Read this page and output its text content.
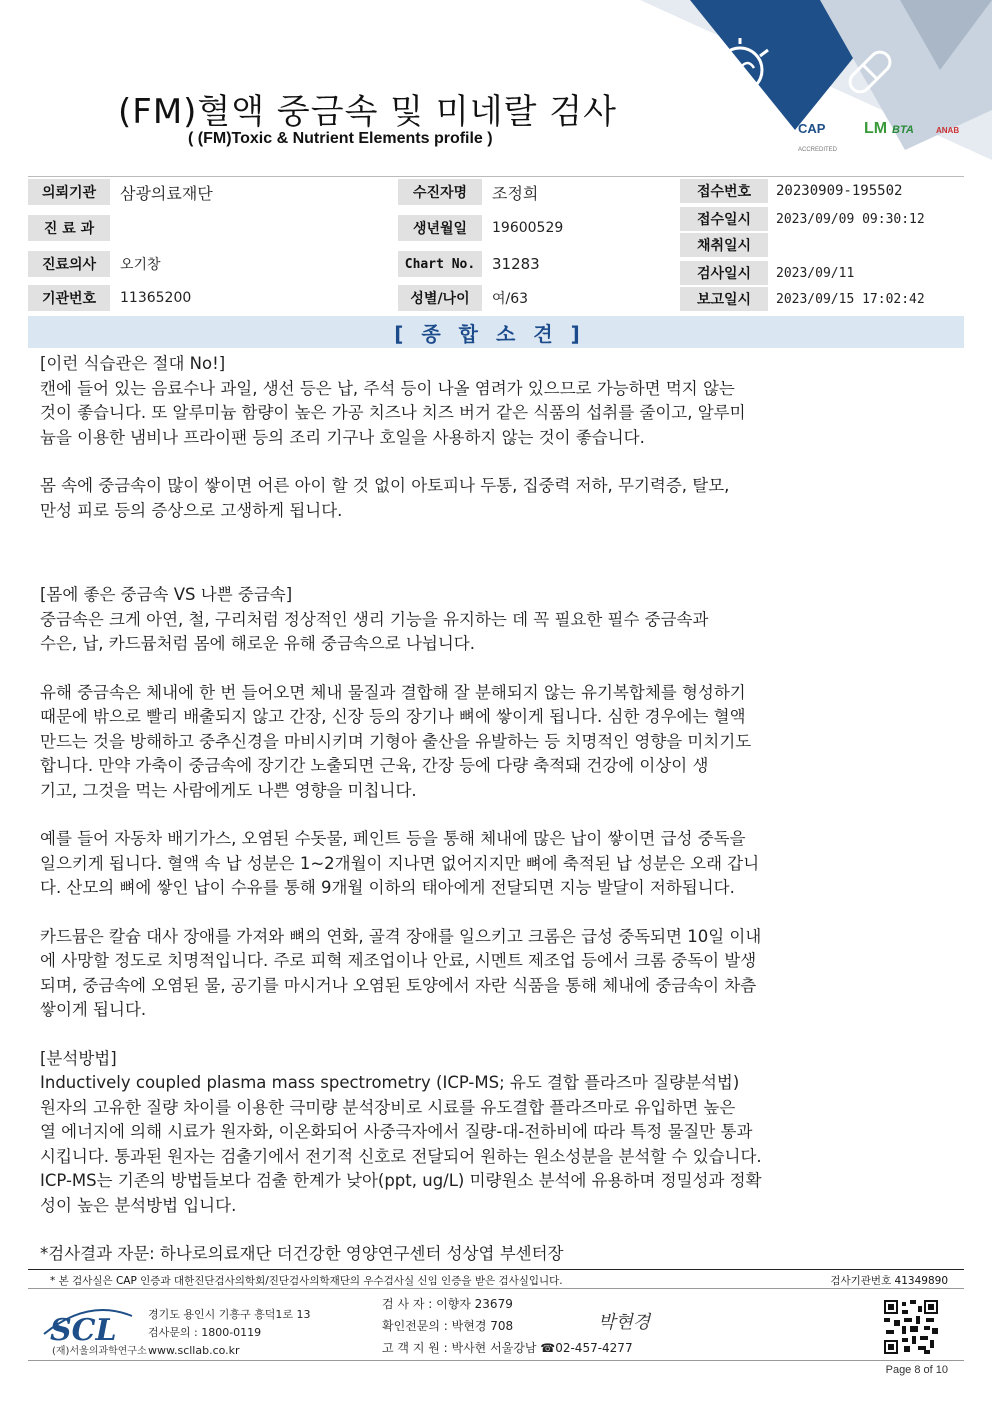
(FM)혈액 중금속 및 미네랄 검사
( (FM)Toxic & Nutrient Elements profile )
CAP
ACCREDITED
LM BTA	ANAB
의뢰기관	삼광의료재단
진 료 과
진료의사	오기창
기관번호	11365200
수진자명	조정희
생년월일	19600529
Chart No.	31283
성별/나이	여/63
접수번호	20230909-195502
접수일시	2023/09/09 09:30:12
채취일시
검사일시	2023/09/11
보고일시	2023/09/15 17:02:42
[종합소견]
[이런 식습관은 절대 No!]
캔에 들어 있는 음료수나 과일, 생선 등은 납, 주석 등이 나올 염려가 있으므로 가능하면 먹지 않는
것이 좋습니다. 또 알루미늄 함량이 높은 가공 치즈나 치즈 버거 같은 식품의 섭취를 줄이고, 알루미
늄을 이용한 냄비나 프라이팬 등의 조리 기구나 호일을 사용하지 않는 것이 좋습니다.
몸 속에 중금속이 많이 쌓이면 어른 아이 할 것 없이 아토피나 두통, 집중력 저하, 무기력증, 탈모,
만성 피로 등의 증상으로 고생하게 됩니다.
[몸에 좋은 중금속 VS 나쁜 중금속]
중금속은 크게 아연, 철, 구리처럼 정상적인 생리 기능을 유지하는 데 꼭 필요한 필수 중금속과
수은, 납, 카드뮴처럼 몸에 해로운 유해 중금속으로 나뉩니다.
유해 중금속은 체내에 한 번 들어오면 체내 물질과 결합해 잘 분해되지 않는 유기복합체를 형성하기
때문에 밖으로 빨리 배출되지 않고 간장, 신장 등의 장기나 뼈에 쌓이게 됩니다. 심한 경우에는 혈액
만드는 것을 방해하고 중추신경을 마비시키며 기형아 출산을 유발하는 등 치명적인 영향을 미치기도
합니다. 만약 가축이 중금속에 장기간 노출되면 근육, 간장 등에 다량 축적돼 건강에 이상이 생
기고, 그것을 먹는 사람에게도 나쁜 영향을 미칩니다.
예를 들어 자동차 배기가스, 오염된 수돗물, 페인트 등을 통해 체내에 많은 납이 쌓이면 급성 중독을
일으키게 됩니다. 혈액 속 납 성분은 1~2개월이 지나면 없어지지만 뼈에 축적된 납 성분은 오래 갑니
다. 산모의 뼈에 쌓인 납이 수유를 통해 9개월 이하의 태아에게 전달되면 지능 발달이 저하됩니다.
카드뮴은 칼슘 대사 장애를 가져와 뼈의 연화, 골격 장애를 일으키고 크롬은 급성 중독되면 10일 이내
에 사망할 정도로 치명적입니다. 주로 피혁 제조업이나 안료, 시멘트 제조업 등에서 크롬 중독이 발생
되며, 중금속에 오염된 물, 공기를 마시거나 오염된 토양에서 자란 식품을 통해 체내에 중금속이 차츰
쌓이게 됩니다.
[분석방법]
Inductively coupled plasma mass spectrometry (ICP-MS; 유도 결합 플라즈마 질량분석법)
원자의 고유한 질량 차이를 이용한 극미량 분석장비로 시료를 유도결합 플라즈마로 유입하면 높은
열 에너지에 의해 시료가 원자화, 이온화되어 사중극자에서 질량-대-전하비에 따라 특정 물질만 통과
시킵니다. 통과된 원자는 검출기에서 전기적 신호로 전달되어 원하는 원소성분을 분석할 수 있습니다.
ICP-MS는 기존의 방법들보다 검출 한계가 낮아(ppt, ug/L) 미량원소 분석에 유용하며 정밀성과 정확
성이 높은 분석방법 입니다.
*검사결과 자문: 하나로의료재단 더건강한 영양연구센터 성상엽 부센터장
* 본 검사실은 CAP 인증과 대한진단검사의학회/진단검사의학재단의 우수검사실 신임 인증을 받은 검사실입니다.	검사기관번호 41349890
SCL
(재)서울의과학연구소
경기도 용인시 기흥구 흥덕1로 13
검사문의 : 1800-0119
www.scllab.co.kr
검 사 자 : 이향자 23679
확인전문의 : 박현경 708
고 객 지 원 : 박사현 서울강남 ☎02-457-4277
박현경
Page 8 of 10
